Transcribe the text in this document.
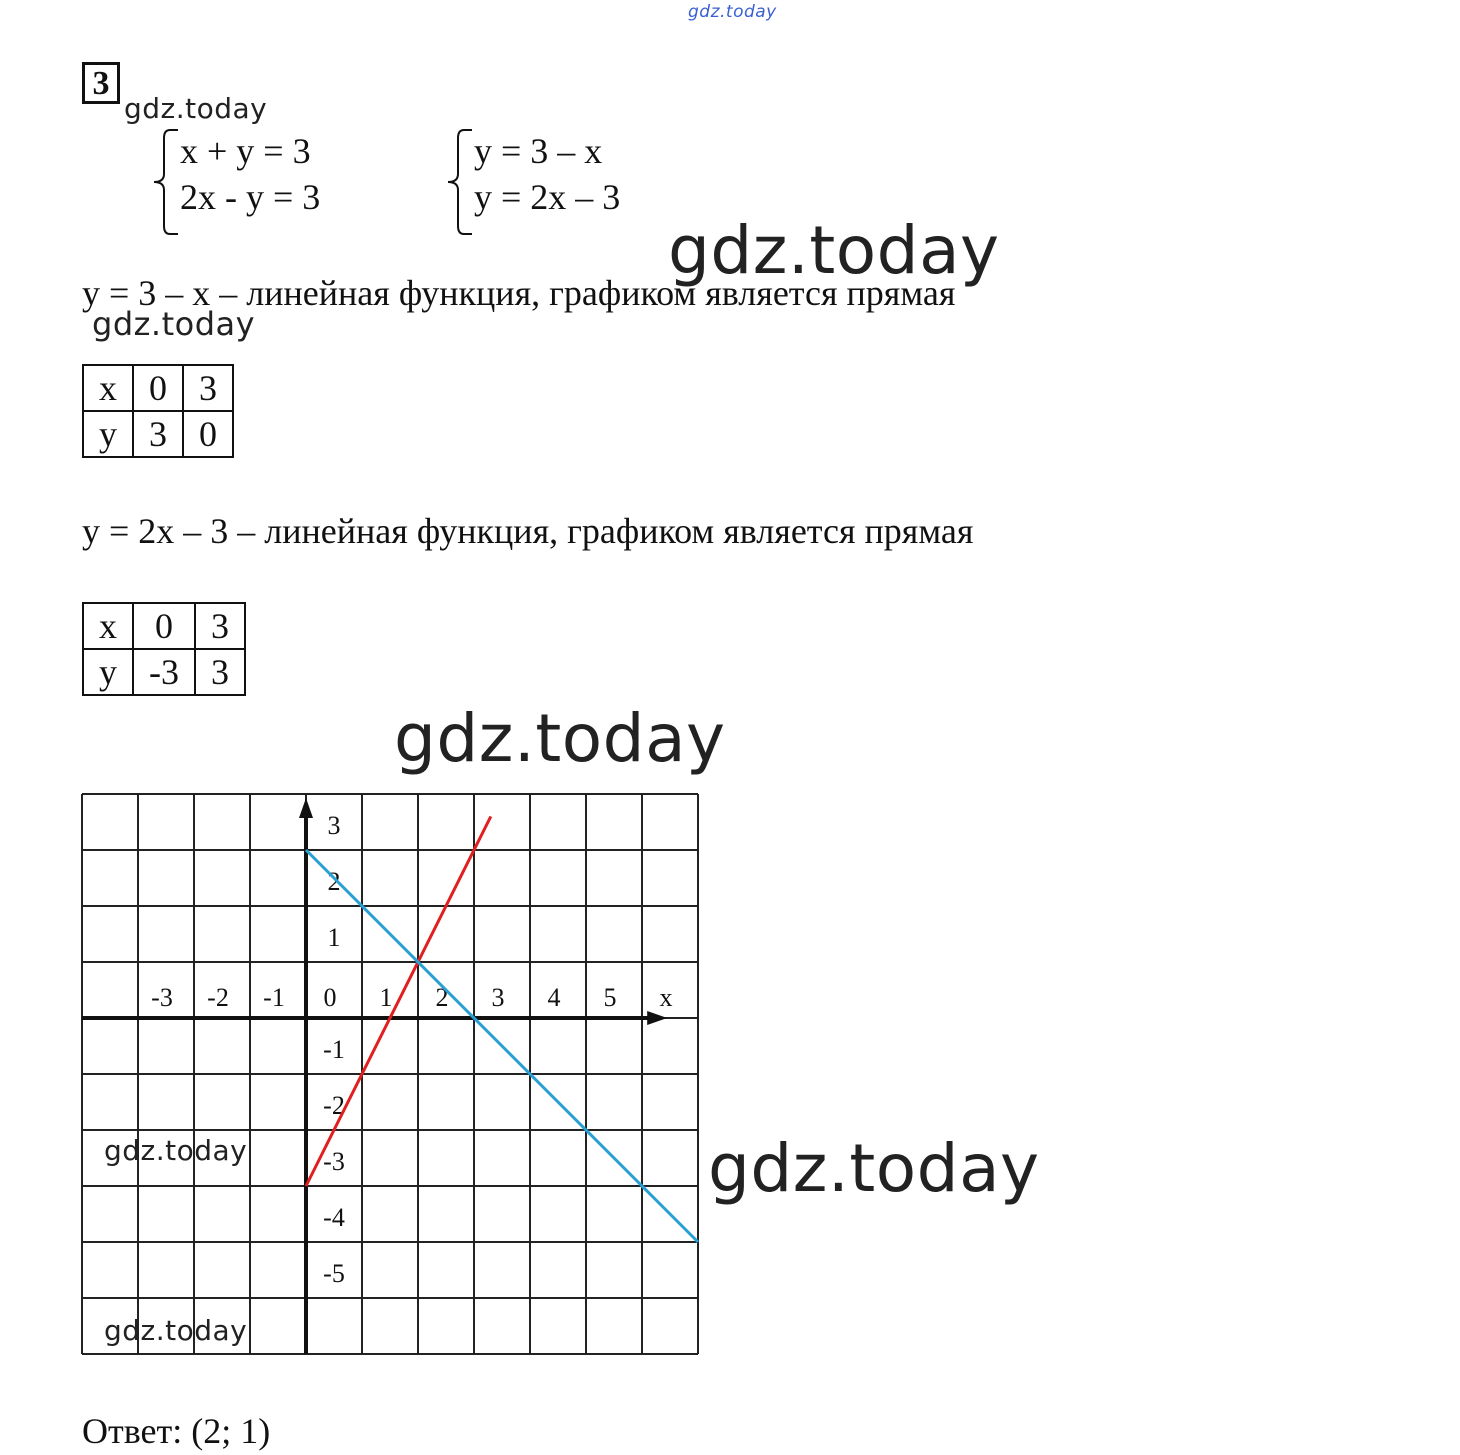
gdz.today
3
gdz.today
x + y = 3
2x - y = 3
y = 3 – x
y = 2x – 3
gdz.today
y = 3 – x – линейная функция, графиком является прямая
gdz.today
x	0	3
y	3	0
y = 2x – 3 – линейная функция, графиком является прямая
x	0	3
y	-3	3
gdz.today
-3 -2 -1 0 1 2 3 4 5 x
3
2
1
-1
-2
-3
-4
-5
gdz.today
gdz.today
gdz.today
Ответ: (2; 1)
